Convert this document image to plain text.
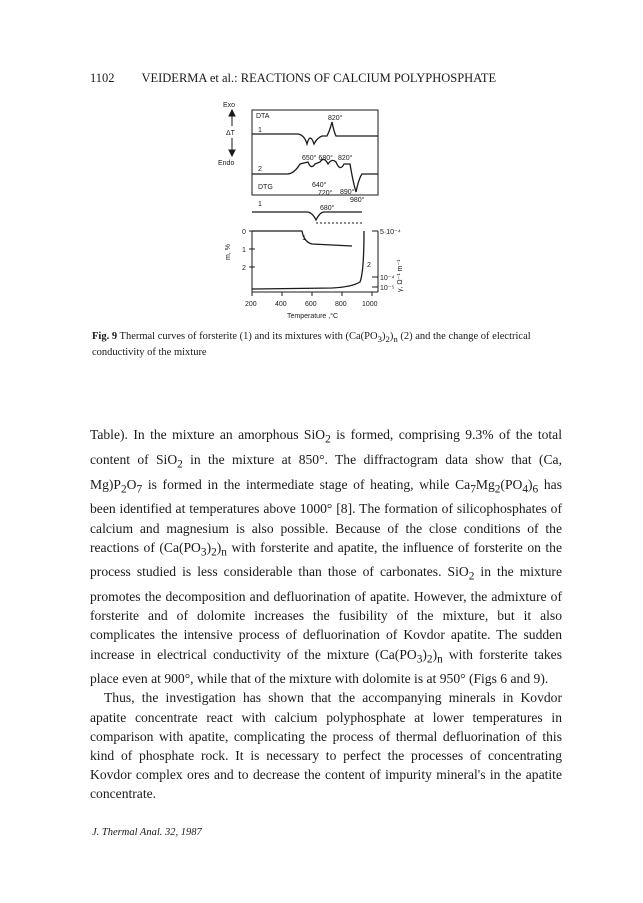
1102 VEIDERMA et al.: REACTIONS OF CALCIUM POLYPHOSPHATE
Exo
ΔT
Endo
DTA
1
820°
650° 680° 820°
2
640°
720° 890°
980°
DTG
1
680°
0
1
2
m, %
1
2
5·10⁻⁴
10⁻⁴
10⁻⁵ γ, Ω⁻¹ m⁻¹
200	400	600	800 1000
Temperature ,°C
Fig. 9 Thermal curves of forsterite (1) and its mixtures with $(Ca(PO_3)_2)_n$ (2) and the change of electrical conductivity of the mixture

Table). In the mixture an amorphous SiO$_2$ is formed, comprising 9.3% of the total content of SiO$_2$ in the mixture at 850°. The diffractogram data show that (Ca, $Mg)P_2O_7$ is formed in the intermediate stage of heating, while $Ca_7Mg_2(PO_4)_6$ has been identified at temperatures above 1000° [8]. The formation of silicophosphates of calcium and magnesium is also possible. Because of the close conditions of the reactions of $(Ca(PO_3)_2)_n$ with forsterite and apatite, the influence of forsterite on the process studied is less considerable than those of carbonates. SiO$_2$ in the mixture promotes the decomposition and defluorination of apatite. However, the admixture of forsterite and of dolomite increases the fusibility of the mixture, but it also complicates the intensive process of defluorination of Kovdor apatite. The sudden increase in electrical conductivity of the mixture $(Ca(PO_3)_2)_n$ with forsterite takes place even at 900°, while that of the mixture with dolomite is at 950° (Figs 6 and 9).

Thus, the investigation has shown that the accompanying minerals in Kovdor apatite concentrate react with calcium polyphosphate at lower temperatures in comparison with apatite, complicating the process of thermal defluorination of this kind of phosphate rock. It is necessary to perfect the processes of concentrating Kovdor complex ores and to decrease the content of impurity mineral's in the apatite concentrate.

J. Thermal Anal. 32, 1987
